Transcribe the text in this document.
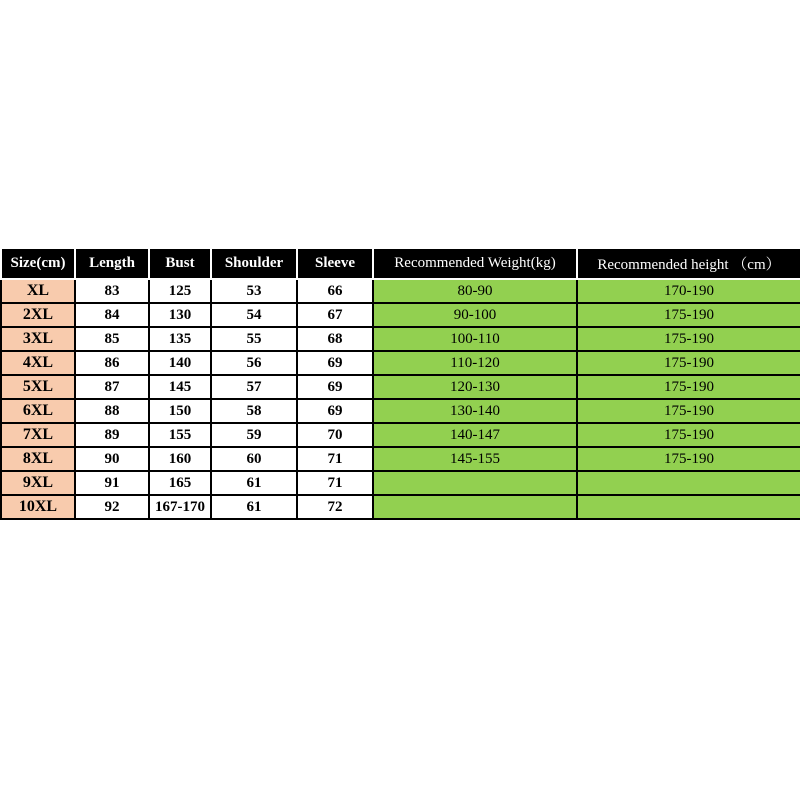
Size(cm)	Length	Bust	Shoulder	Sleeve	Recommended Weight(kg)	Recommended height （cm）
XL	83	125	53	66	80-90	170-190
2XL	84	130	54	67	90-100	175-190
3XL	85	135	55	68	100-110	175-190
4XL	86	140	56	69	110-120	175-190
5XL	87	145	57	69	120-130	175-190
6XL	88	150	58	69	130-140	175-190
7XL	89	155	59	70	140-147	175-190
8XL	90	160	60	71	145-155	175-190
9XL	91	165	61	71		
10XL	92	167-170	61	72		
